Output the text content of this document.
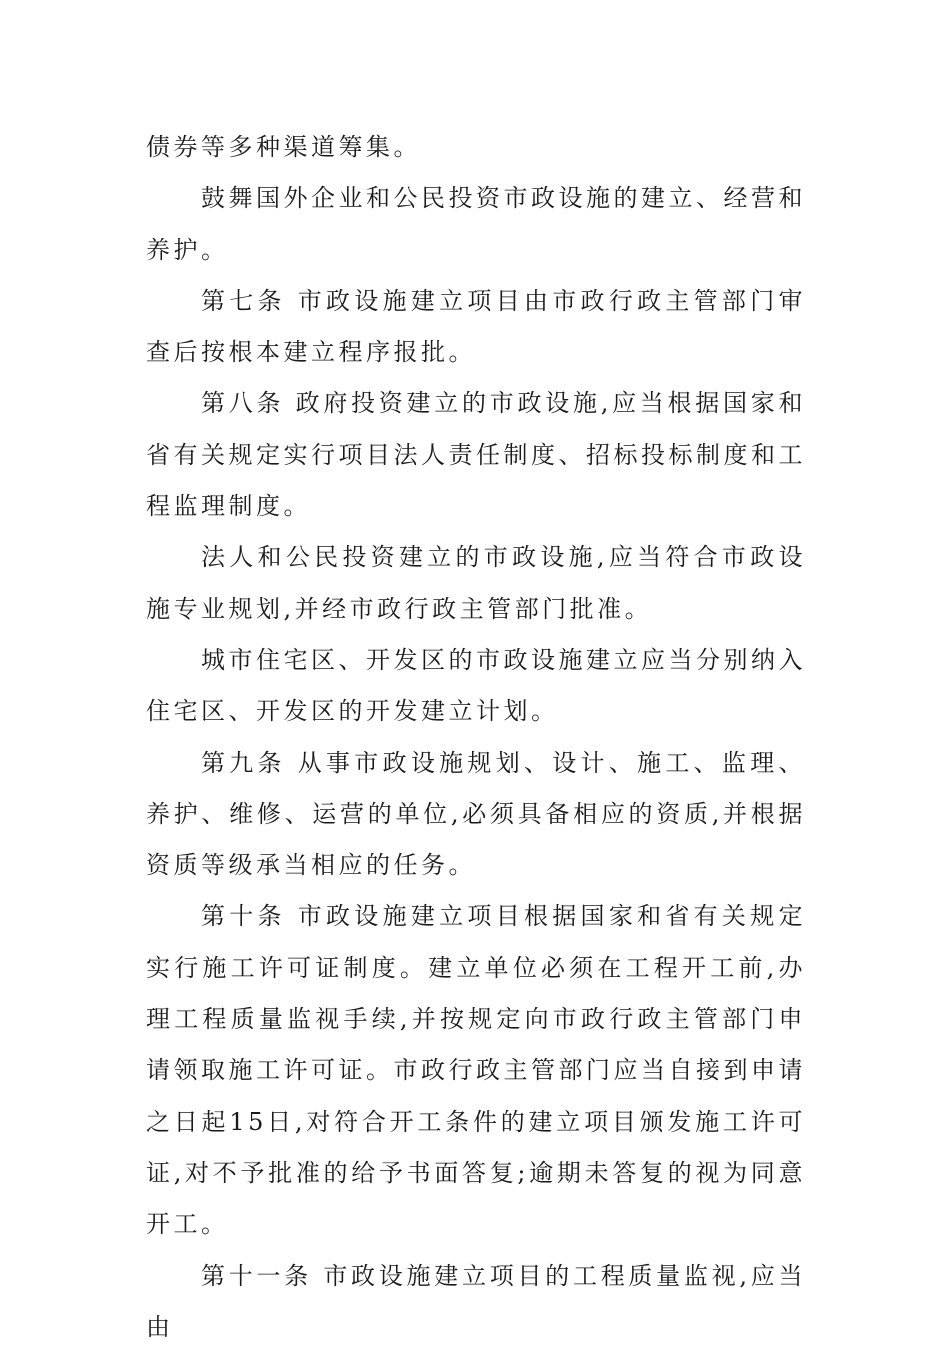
债券等多种渠道筹集。

鼓舞国外企业和公民投资市政设施的建立、经营和养护。

第七条 市政设施建立项目由市政行政主管部门审查后按根本建立程序报批。

第八条 政府投资建立的市政设施,应当根据国家和省有关规定实行项目法人责任制度、招标投标制度和工程监理制度。

法人和公民投资建立的市政设施,应当符合市政设施专业规划,并经市政行政主管部门批准。

城市住宅区、开发区的市政设施建立应当分别纳入住宅区、开发区的开发建立计划。

第九条 从事市政设施规划、设计、施工、监理、养护、维修、运营的单位,必须具备相应的资质,并根据资质等级承当相应的任务。

第十条 市政设施建立项目根据国家和省有关规定实行施工许可证制度。建立单位必须在工程开工前,办理工程质量监视手续,并按规定向市政行政主管部门申请领取施工许可证。市政行政主管部门应当自接到申请之日起15日,对符合开工条件的建立项目颁发施工许可证,对不予批准的给予书面答复;逾期未答复的视为同意开工。

第十一条 市政设施建立项目的工程质量监视,应当由
